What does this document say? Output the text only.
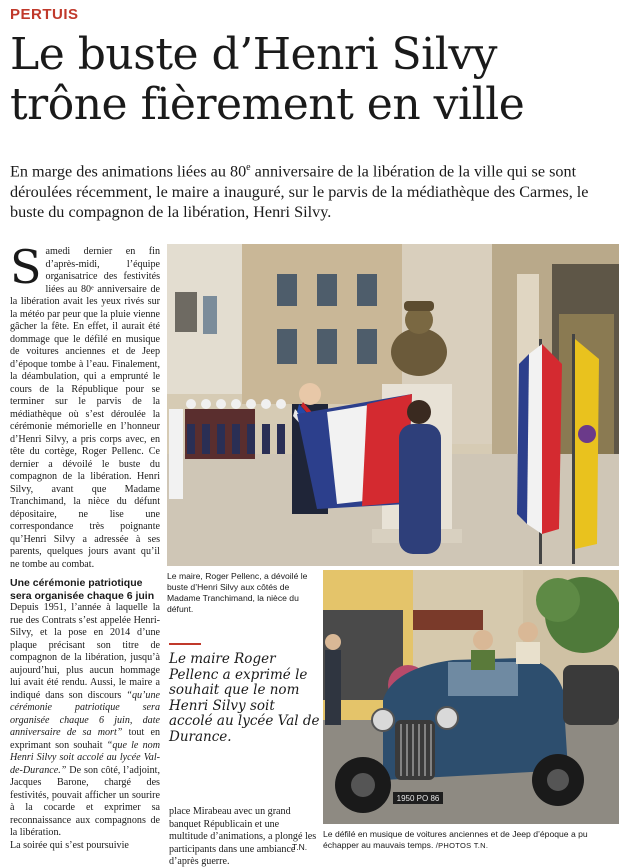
PERTUIS
Le buste d’Henri Silvy
trône fièrement en ville

En marge des animations liées au 80e anniversaire de la libération de la ville qui se sont déroulées récemment, le maire a inauguré, sur le parvis de la médiathèque des Carmes, le buste du compagnon de la libération, Henri Silvy.

Samedi dernier en fin d’après-midi, l’équipe organisatrice des festivités liées au 80ᵉ anniversaire de la libération avait les yeux rivés sur la météo par peur que la pluie vienne gâcher la fête. En effet, il aurait été dommage que le défilé en musique de voitures anciennes et de Jeep d’époque tombe à l’eau. Finalement, la déambulation, qui a emprunté le cours de la République pour se terminer sur le parvis de la médiathèque où s’est déroulée la cérémonie mémorielle en l’honneur d’Henri Silvy, a pris corps avec, en tête du cortège, Roger Pellenc. Ce dernier a dévoilé le buste du compagnon de la libération. Henri Silvy, avant que Madame Tranchimand, la nièce du défunt dépositaire, ne lise une correspondance très poignante qu’Henri Silvy a adressée à ses parents, quelques jours avant qu’il ne tombe au combat.

Une cérémonie patriotique sera organisée chaque 6 juin

Depuis 1951, l’année à laquelle la rue des Contrats s’est appelée Henri-Silvy, et la pose en 2014 d’une plaque précisant son titre de compagnon de la libération, jusqu’à aujourd’hui, plus aucun hommage lui avait été rendu. Aussi, le maire a indiqué dans son discours “qu’une cérémonie patriotique sera organisée chaque 6 juin, date anniversaire de sa mort” tout en exprimant son souhait “que le nom Henri Silvy soit accolé au lycée Val-de-Durance.” De son côté, l’adjoint, Jacques Barone, chargé des festivités, pouvait afficher un sourire à la cocarde et exprimer sa reconnaissance aux compagnons de la libération.

La soirée qui s’est poursuivie

place Mirabeau avec un grand banquet Républicain et une multitude d’animations, a plongé les participants dans une ambiance d’après guerre.

T.N.
Le maire, Roger Pellenc, a dévoilé le buste d’Henri Silvy aux côtés de Madame Tranchimand, la nièce du défunt.
Le maire Roger Pellenc a exprimé le souhait que le nom Henri Silvy soit accolé au lycée Val de Durance.
1950 PO 86
Le défilé en musique de voitures anciennes et de Jeep d’époque a pu échapper au mauvais temps. /PHOTOS T.N.
